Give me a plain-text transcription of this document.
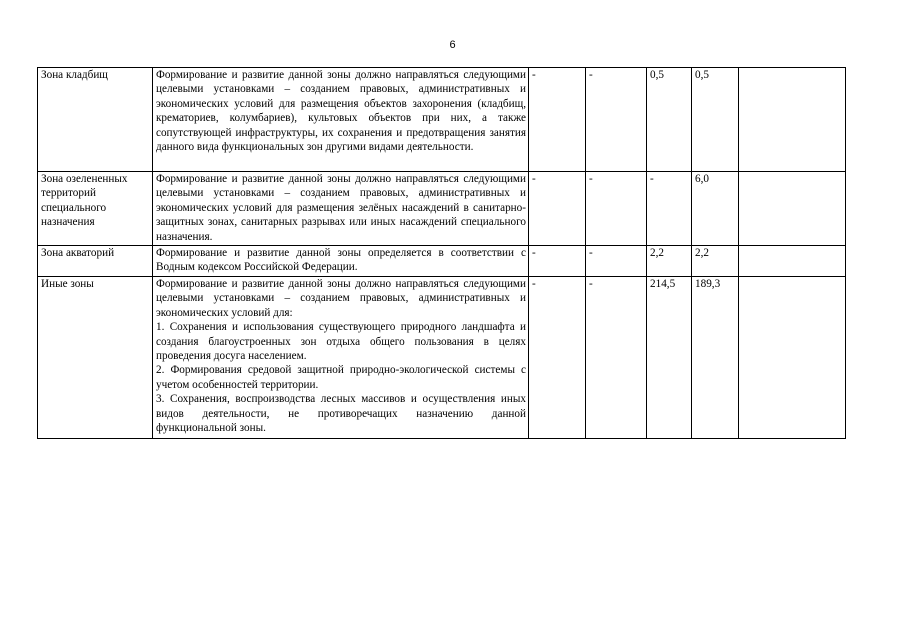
6
Зона кладбищ	Формирование и развитие данной зоны должно направляться следующими целевыми установками – созданием правовых, административных и экономических условий для размещения объектов захоронения (кладбищ, крематориев, колумбариев), культовых объектов при них, а также сопутствующей инфраструктуры, их сохранения и предотвращения занятия данного вида функциональных зон другими видами деятельности.	-	-	0,5	0,5	
Зона озелененных территорий специального назначения	Формирование и развитие данной зоны должно направляться следующими целевыми установками – созданием правовых, административных и экономических условий для размещения зелёных насаждений в санитарно-защитных зонах, санитарных разрывах или иных насаждений специального назначения.	-	-	-	6,0	
Зона акваторий	Формирование и развитие данной зоны определяется в соответствии с Водным кодексом Российской Федерации.	-	-	2,2	2,2	
Иные зоны	Формирование и развитие данной зоны должно направляться следующими целевыми установками – созданием правовых, административных и экономических условий для:

1. Сохранения и использования существующего природного ландшафта и создания благоустроенных зон отдыха общего пользования в целях проведения досуга населением.

2. Формирования средовой защитной природно-экологической системы с учетом особенностей территории.

3. Сохранения, воспроизводства лесных массивов и осуществления иных видов деятельности, не противоречащих назначению данной функциональной зоны.	-	-	214,5	189,3	
